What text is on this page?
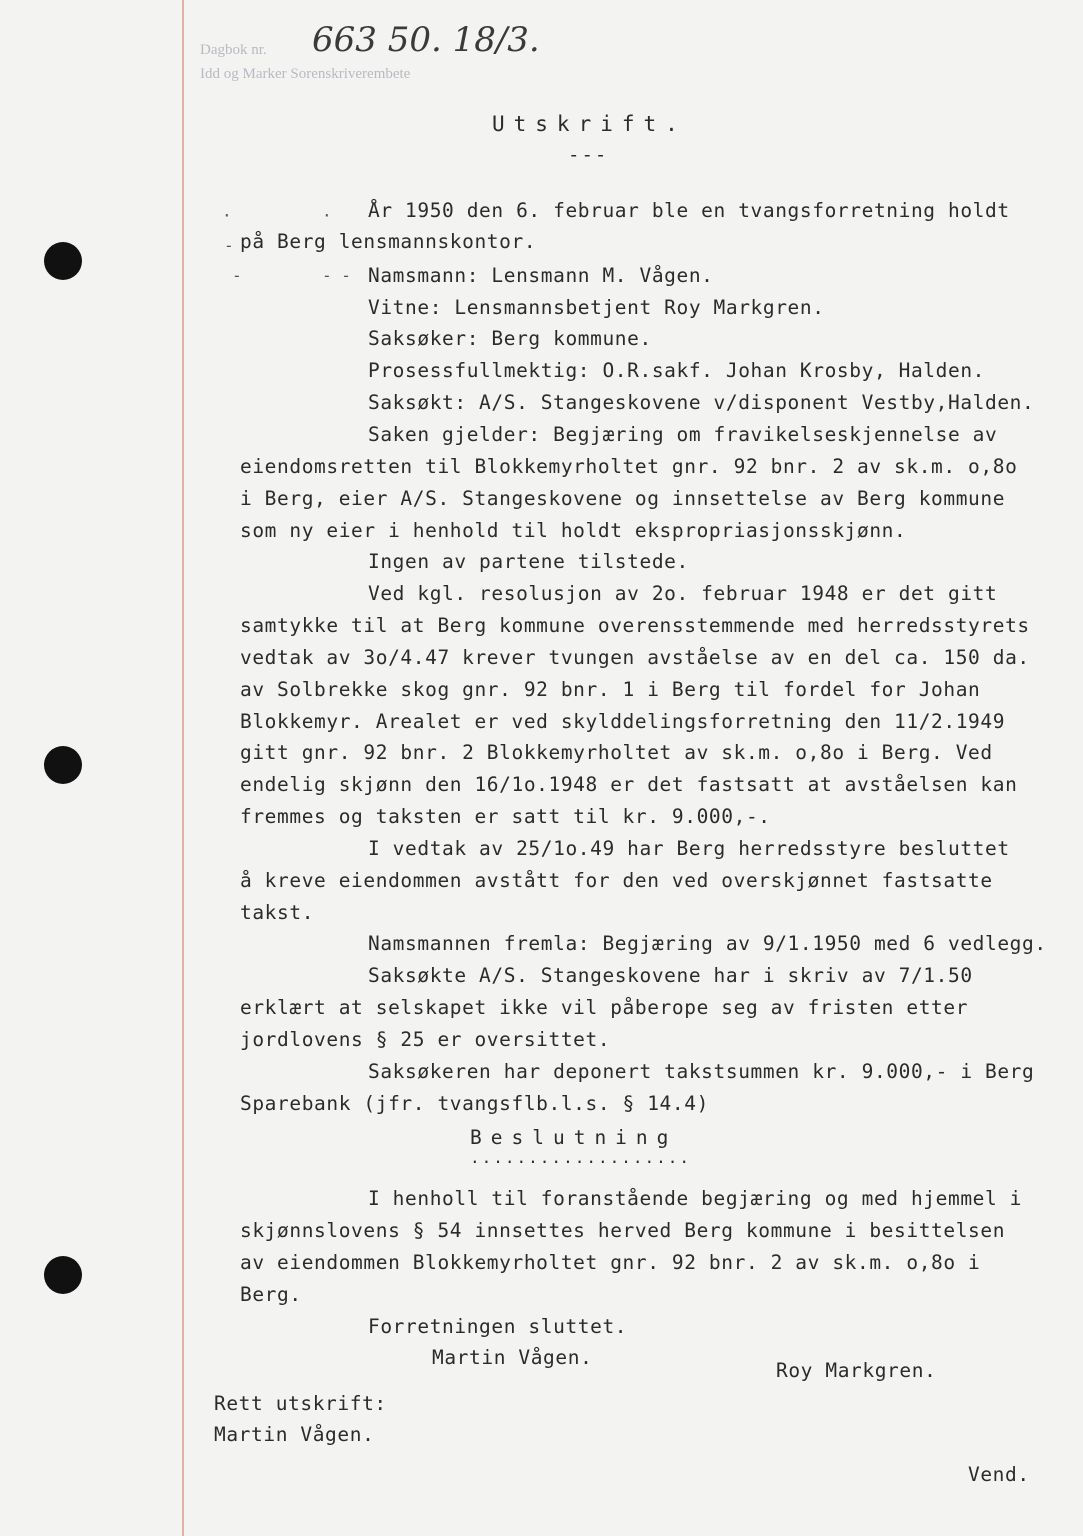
Dagbok nr.
Idd og Marker Sorenskriverembete
663 50. 18/3.
Utskrift.
---
·	·
-
-	- -
År 1950 den 6. februar ble en tvangsforretning holdt
på Berg lensmannskontor.
Namsmann: Lensmann M. Vågen.
Vitne: Lensmannsbetjent Roy Markgren.
Saksøker: Berg kommune.
Prosessfullmektig: O.R.sakf. Johan Krosby, Halden.
Saksøkt: A/S. Stangeskovene v/disponent Vestby,Halden.
Saken gjelder: Begjæring om fravikelseskjennelse av
eiendomsretten til Blokkemyrholtet gnr. 92 bnr. 2 av sk.m. o,8o
i Berg, eier A/S. Stangeskovene og innsettelse av Berg kommune
som ny eier i henhold til holdt ekspropriasjonsskjønn.
Ingen av partene tilstede.
Ved kgl. resolusjon av 2o. februar 1948 er det gitt
samtykke til at Berg kommune overensstemmende med herredsstyrets
vedtak av 3o/4.47 krever tvungen avståelse av en del ca. 150 da.
av Solbrekke skog gnr. 92 bnr. 1 i Berg til fordel for Johan
Blokkemyr. Arealet er ved skylddelingsforretning den 11/2.1949
gitt gnr. 92 bnr. 2 Blokkemyrholtet av sk.m. o,8o i Berg. Ved
endelig skjønn den 16/1o.1948 er det fastsatt at avståelsen kan
fremmes og taksten er satt til kr. 9.000,-.
I vedtak av 25/1o.49 har Berg herredsstyre besluttet
å kreve eiendommen avstått for den ved overskjønnet fastsatte
takst.
Namsmannen fremla: Begjæring av 9/1.1950 med 6 vedlegg.
Saksøkte A/S. Stangeskovene har i skriv av 7/1.50
erklært at selskapet ikke vil påberope seg av fristen etter
jordlovens § 25 er oversittet.
Saksøkeren har deponert takstsummen kr. 9.000,- i Berg
Sparebank (jfr. tvangsflb.l.s. § 14.4)
Beslutning
...................
I henholl til foranstående begjæring og med hjemmel i
skjønnslovens § 54 innsettes herved Berg kommune i besittelsen
av eiendommen Blokkemyrholtet gnr. 92 bnr. 2 av sk.m. o,8o i
Berg.
Forretningen sluttet.
Martin Vågen.
Roy Markgren.
Rett utskrift:
Martin Vågen.
Vend.
